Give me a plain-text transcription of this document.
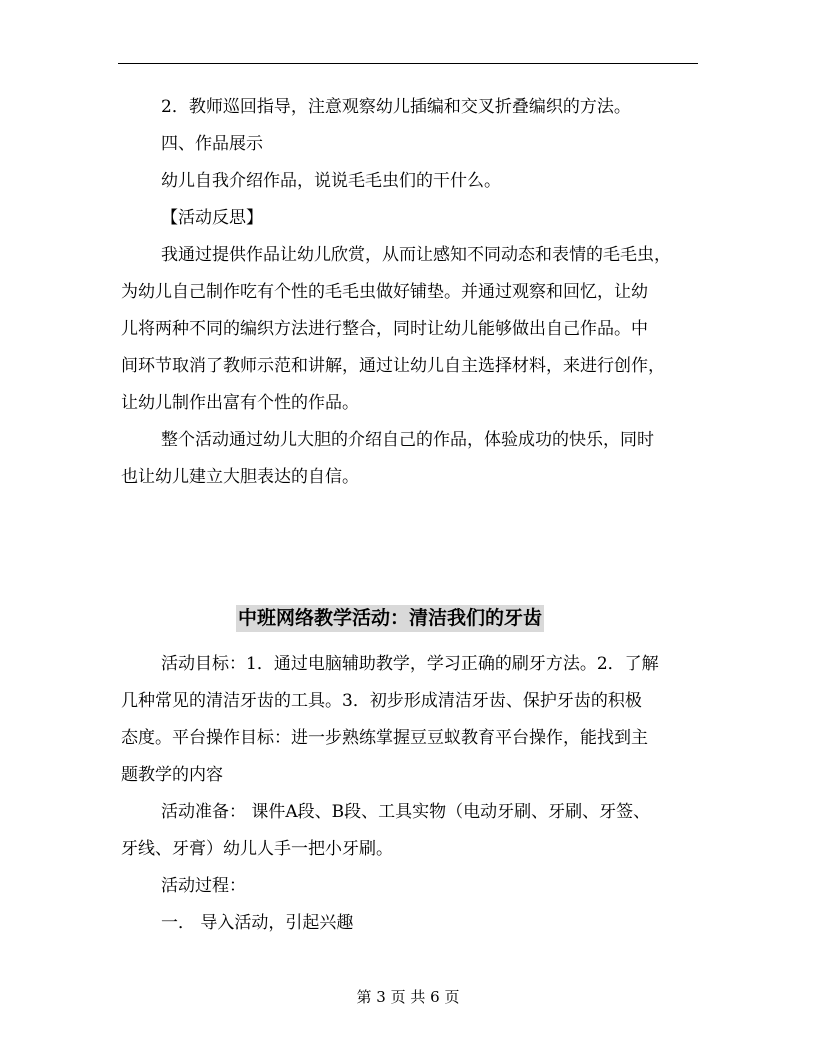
2．教师巡回指导，注意观察幼儿插编和交叉折叠编织的方法。
四、作品展示
幼儿自我介绍作品，说说毛毛虫们的干什么。
【活动反思】
我通过提供作品让幼儿欣赏，从而让感知不同动态和表情的毛毛虫，
为幼儿自己制作吃有个性的毛毛虫做好铺垫。并通过观察和回忆，让幼
儿将两种不同的编织方法进行整合，同时让幼儿能够做出自己作品。中
间环节取消了教师示范和讲解，通过让幼儿自主选择材料，来进行创作，
让幼儿制作出富有个性的作品。
整个活动通过幼儿大胆的介绍自己的作品，体验成功的快乐，同时
也让幼儿建立大胆表达的自信。
中班网络教学活动：清洁我们的牙齿
活动目标：1．通过电脑辅助教学，学习正确的刷牙方法。2．了解
几种常见的清洁牙齿的工具。3．初步形成清洁牙齿、保护牙齿的积极
态度。平台操作目标：进一步熟练掌握豆豆蚁教育平台操作，能找到主
题教学的内容
活动准备： 课件A段、B段、工具实物（电动牙刷、牙刷、牙签、
牙线、牙膏）幼儿人手一把小牙刷。
活动过程：
一． 导入活动，引起兴趣
第 3 页 共 6 页
